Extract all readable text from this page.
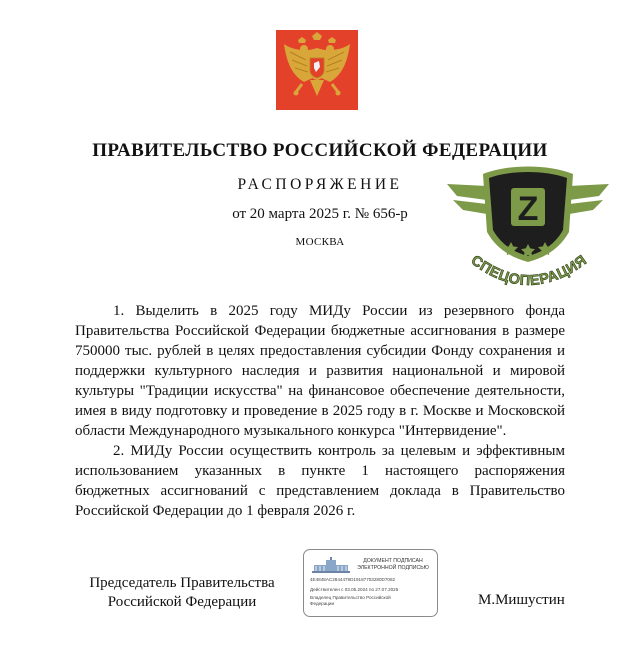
ПРАВИТЕЛЬСТВО РОССИЙСКОЙ ФЕДЕРАЦИИ
РАСПОРЯЖЕНИЕ
от 20 марта 2025 г. № 656-р
МОСКВА
Z
СПЕЦОПЕРАЦИЯ

1. Выделить в 2025 году МИДу России из резервного фонда Правительства Российской Федерации бюджетные ассигнования в размере 750000 тыс. рублей в целях предоставления субсидии Фонду сохранения и поддержки культурного наследия и развития национальной и мировой культуры "Традиции искусства" на финансовое обеспечение деятельности, имея в виду подготовку и проведение в 2025 году в г. Москве и Московской области Международного музыкального конкурса "Интервидение".

2. МИДу России осуществить контроль за целевым и эффективным использованием указанных в пункте 1 настоящего распоряжения бюджетных ассигнований с представлением доклада в Правительство Российской Федерации до 1 февраля 2026 г.

Председатель Правительства
Российской Федерации
ДОКУМЕНТ ПОДПИСАН
ЭЛЕКТРОННОЙ ПОДПИСЬЮ
4E4848AC2844479D19187703280D7082
Действителен с 03.05.2024 по 27.07.2025
Владелец Правительство Российской
Федерации	М.Мишустин
